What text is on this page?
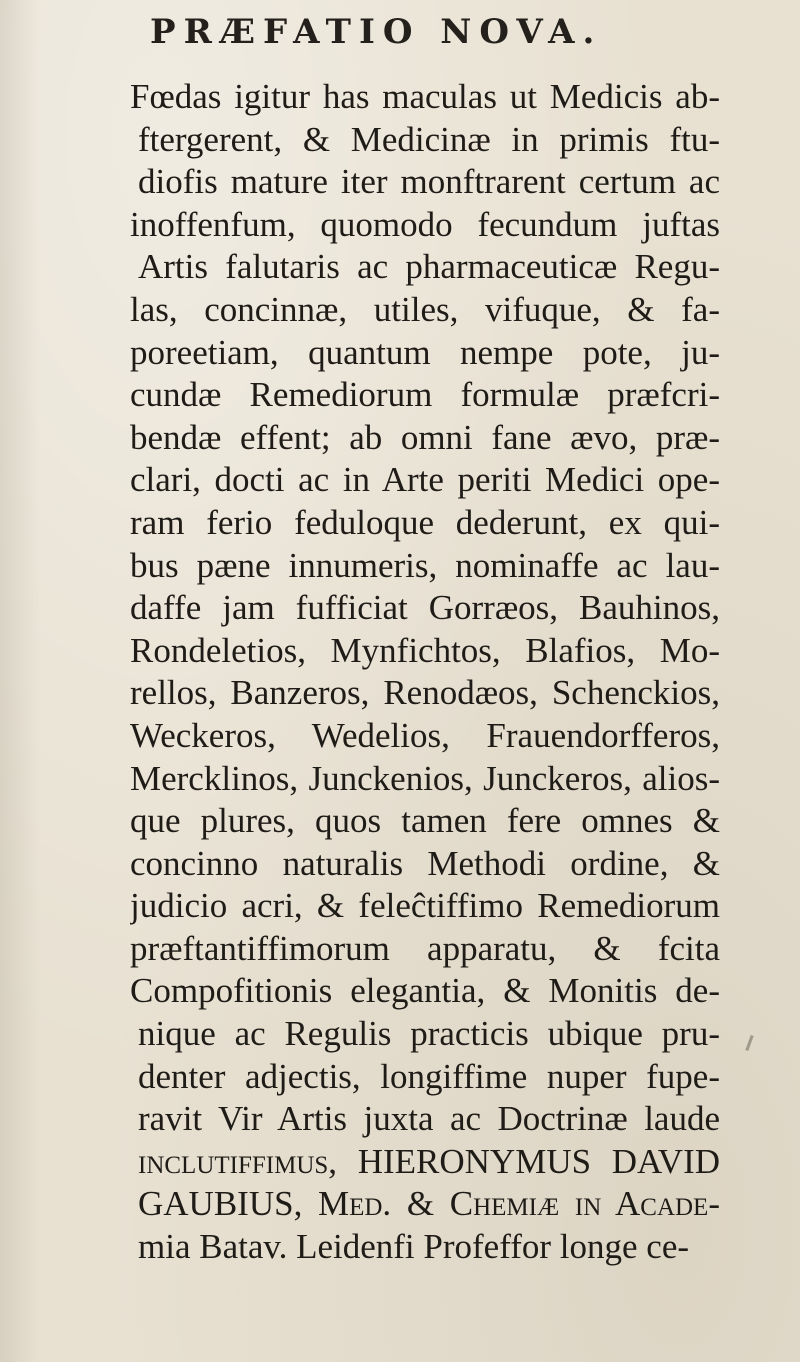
PRÆFATIO NOVA.
Fœdas igitur has maculas ut Medicis ab-
ftergerent, & Medicinæ in primis ftu-
diofis mature iter monftrarent certum ac
inoffenfum, quomodo fecundum juftas
Artis falutaris ac pharmaceuticæ Regu-
las, concinnæ, utiles, vifuque, & fa-
poreetiam, quantum nempe pote, ju-
cundæ Remediorum formulæ præfcri-
bendæ effent; ab omni fane ævo, præ-
clari, docti ac in Arte periti Medici ope-
ram ferio feduloque dederunt, ex qui-
bus pæne innumeris, nominaffe ac lau-
daffe jam fufficiat Gorræos, Bauhinos,
Rondeletios, Mynfichtos, Blafios, Mo-
rellos, Banzeros, Renodæos, Schenckios,
Weckeros, Wedelios, Frauendorfferos,
Mercklinos, Junckenios, Junckeros, alios-
que plures, quos tamen fere omnes &
concinno naturalis Methodi ordine, &
judicio acri, & feleĉtiffimo Remediorum
præftantiffimorum apparatu, & fcita
Compofitionis elegantia, & Monitis de-
nique ac Regulis practicis ubique pru-
denter adjectis, longiffime nuper fupe-
ravit Vir Artis juxta ac Doctrinæ laude
incluтiffimus, HIERONYMUS DAVID
GAUBIUS, Med. & Chemiæ in Acade-
mia Batav. Leidenfi Profeffor longe ce-
